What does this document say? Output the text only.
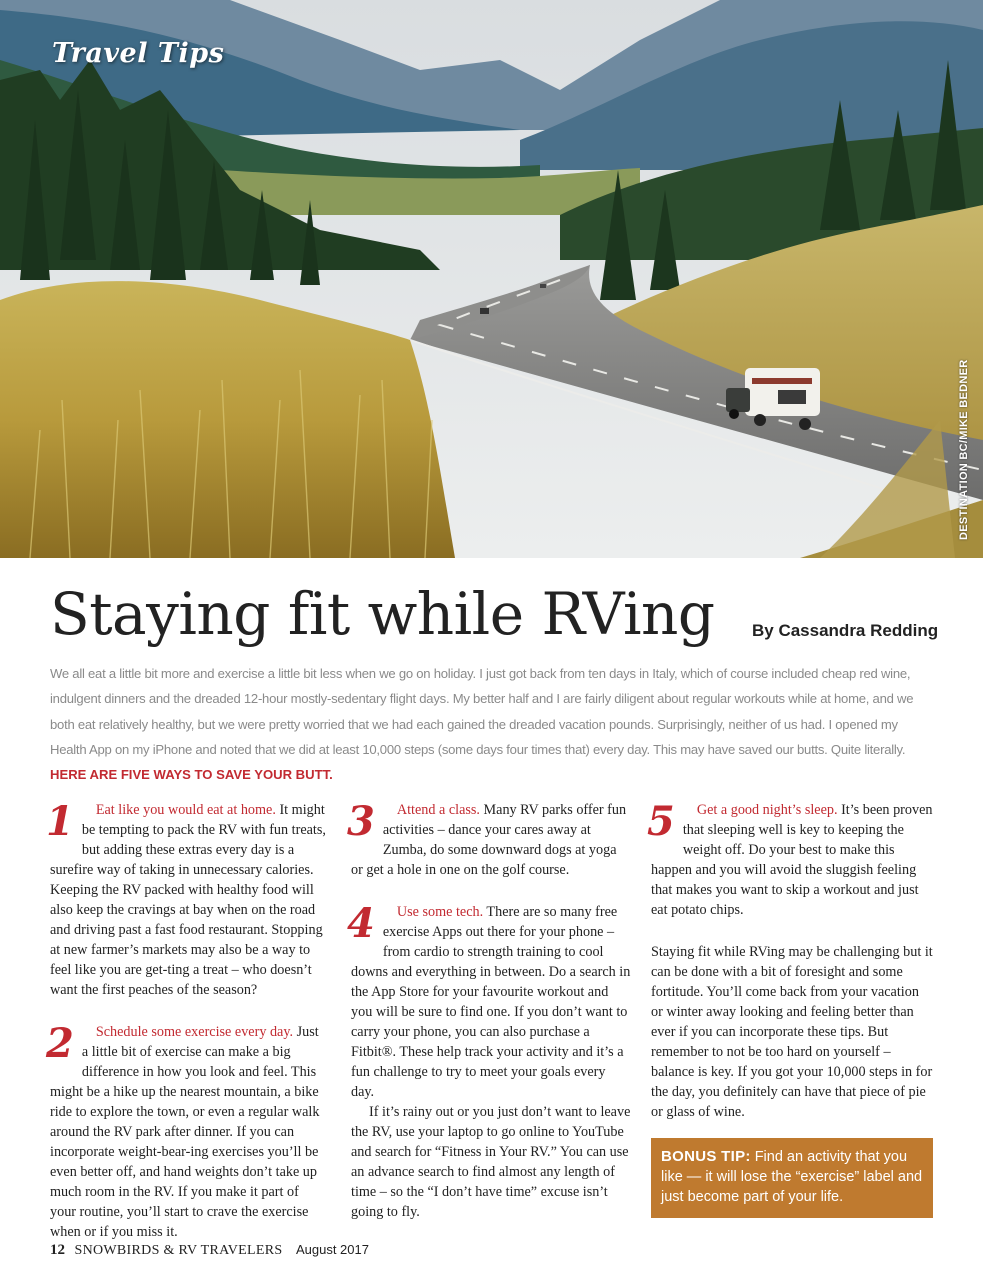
Travel Tips
DESTINATION BC/MIKE BEDNER
Staying fit while RVing By Cassandra Redding
We all eat a little bit more and exercise a little bit less when we go on holiday. I just got back from ten days in Italy, which of course included cheap red wine, indulgent dinners and the dreaded 12-hour mostly-sedentary flight days. My better half and I are fairly diligent about regular workouts while at home, and we both eat relatively healthy, but we were pretty worried that we had each gained the dreaded vacation pounds. Surprisingly, neither of us had. I opened my Health App on my iPhone and noted that we did at least 10,000 steps (some days four times that) every day. This may have saved our butts. Quite literally. HERE ARE FIVE WAYS TO SAVE YOUR BUTT.
1 Eat like you would eat at home. It might be tempting to pack the RV with fun treats, but adding these extras every day is a surefire way of taking in unnecessary calories. Keeping the RV packed with healthy food will also keep the cravings at bay when on the road and driving past a fast food restaurant. Stopping at new farmer’s markets may also be a way to feel like you are get-ting a treat – who doesn’t want the first peaches of the season?
2 Schedule some exercise every day. Just a little bit of exercise can make a big difference in how you look and feel. This might be a hike up the nearest mountain, a bike ride to explore the town, or even a regular walk around the RV park after dinner. If you can incorporate weight-bear-ing exercises you’ll be even better off, and hand weights don’t take up much room in the RV. If you make it part of your routine, you’ll start to crave the exercise when or if you miss it.
3 Attend a class. Many RV parks offer fun activities – dance your cares away at Zumba, do some downward dogs at yoga or get a hole in one on the golf course.
4 Use some tech. There are so many free exercise Apps out there for your phone – from cardio to strength training to cool downs and everything in between. Do a search in the App Store for your favourite workout and you will be sure to find one. If you don’t want to carry your phone, you can also purchase a Fitbit®. These help track your activity and it’s a fun challenge to try to meet your goals every day.
If it’s rainy out or you just don’t want to leave the RV, use your laptop to go online to YouTube and search for “Fitness in Your RV.” You can use an advance search to find almost any length of time – so the “I don’t have time” excuse isn’t going to fly.
5 Get a good night’s sleep. It’s been proven that sleeping well is key to keeping the weight off. Do your best to make this happen and you will avoid the sluggish feeling that makes you want to skip a workout and just eat potato chips.
Staying fit while RVing may be challenging but it can be done with a bit of foresight and some fortitude. You’ll come back from your vacation or winter away looking and feeling better than ever if you can incorporate these tips. But remember to not be too hard on yourself – balance is key. If you got your 10,000 steps in for the day, you definitely can have that piece of pie or glass of wine.
BONUS TIP: Find an activity that you like — it will lose the “exercise” label and just become part of your life.
12 SNOWBIRDS & RV TRAVELERS August 2017
